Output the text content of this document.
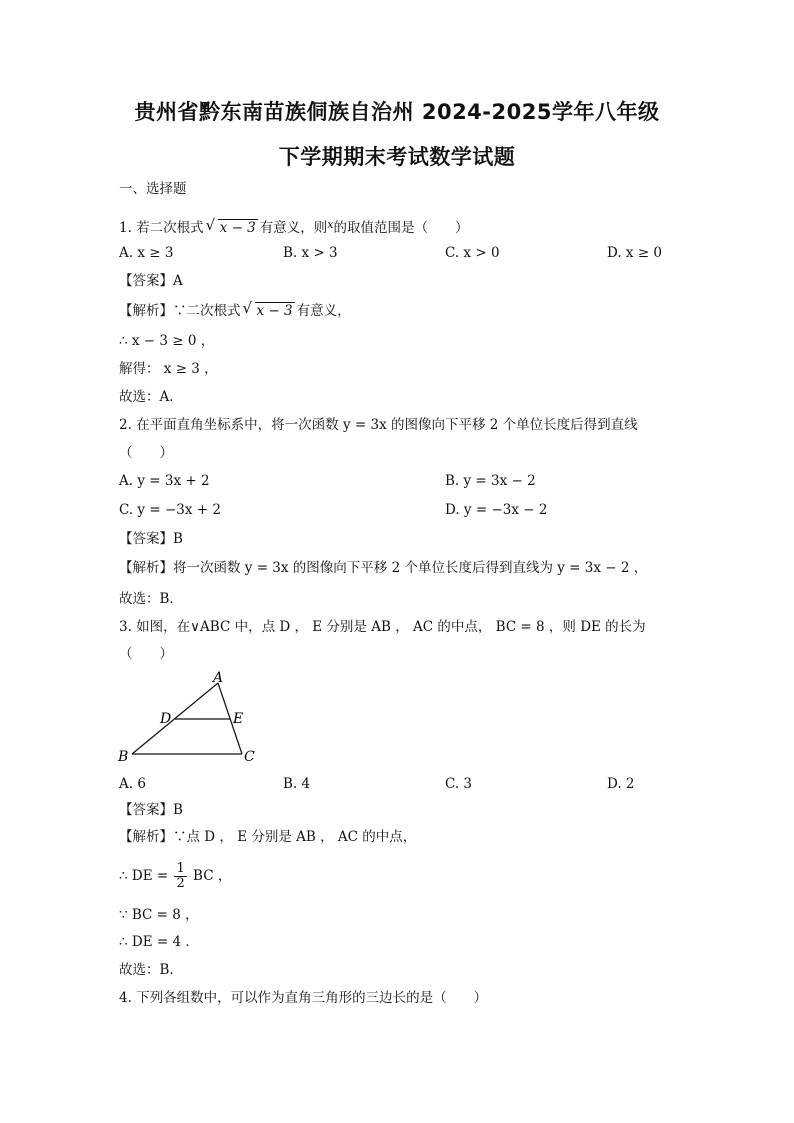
贵州省黔东南苗族侗族自治州 2024-2025学年八年级
下学期期末考试数学试题
一、选择题
1. 若二次根式 √ x − 3 有意义，则$^x$的取值范围是（　　）
A. x ≥ 3	B. x > 3	C. x > 0	D. x ≥ 0
【答案】A
【解析】∵二次根式 √ x − 3 有意义，
∴ x − 3 ≥ 0 ，
解得： x ≥ 3 ，
故选：A．
2. 在平面直角坐标系中，将一次函数 y = 3x 的图像向下平移 2 个单位长度后得到直线
（　　）
A. y = 3x + 2	B. y = 3x − 2
C. y = −3x + 2	D. y = −3x − 2
【答案】B
【解析】将一次函数 y = 3x 的图像向下平移 2 个单位长度后得到直线为 y = 3x − 2 ，
故选：B．
3. 如图，在∨ABC 中，点 D ， E 分别是 AB ， AC 的中点， BC = 8 ，则 DE 的长为
（　　）
A
D	E
B	C
A. 6	B. 4	C. 3	D. 2
【答案】B
【解析】∵点 D ， E 分别是 AB ， AC 的中点，
∴ DE = $\frac{1}{2}$ BC ，
∵ BC = 8 ，
∴ DE = 4 ．
故选：B．
4. 下列各组数中，可以作为直角三角形的三边长的是（　　）
